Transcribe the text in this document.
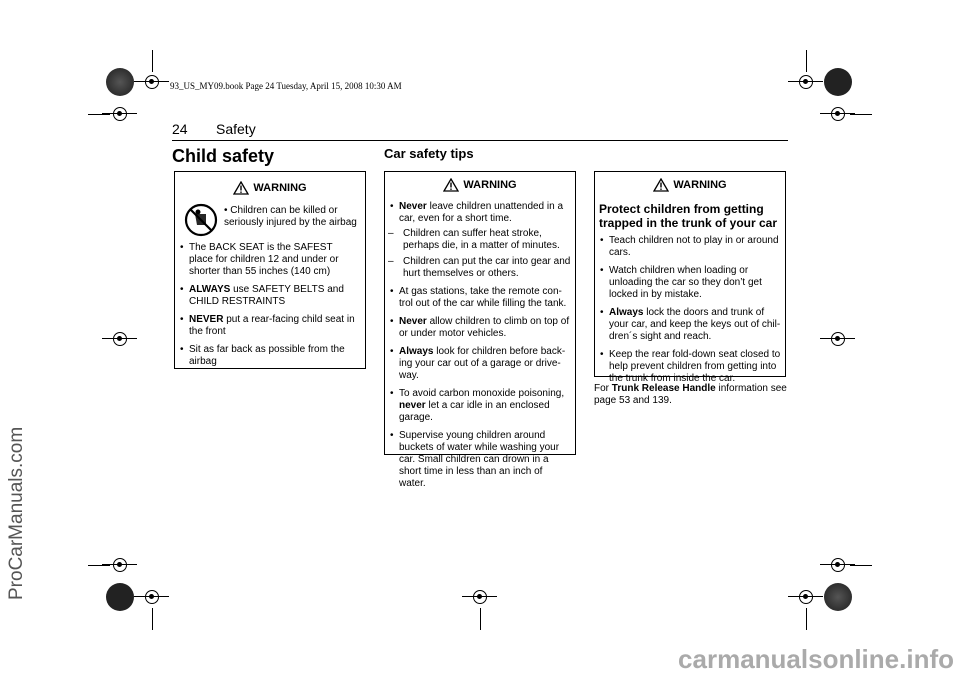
93_US_MY09.book Page 24 Tuesday, April 15, 2008 10:30 AM
24 Safety
Child safety
WARNING
• Children can be killed or seriously injured by the airbag
• The BACK SEAT is the SAFEST place for children 12 and under or shorter than 55 inches (140 cm)
• ALWAYS use SAFETY BELTS and CHILD RESTRAINTS
• NEVER put a rear-facing child seat in the front
• Sit as far back as possible from the airbag
Car safety tips
WARNING
• Never leave children unattended in a car, even for a short time.
– Children can suffer heat stroke, perhaps die, in a matter of minutes.
– Children can put the car into gear and hurt themselves or others.
• At gas stations, take the remote con-trol out of the car while filling the tank.
• Never allow children to climb on top of or under motor vehicles.
• Always look for children before back-ing your car out of a garage or drive-way.
• To avoid carbon monoxide poisoning, never let a car idle in an enclosed garage.
• Supervise young children around buckets of water while washing your car. Small children can drown in a short time in less than an inch of water.
WARNING
Protect children from getting trapped in the trunk of your car
• Teach children not to play in or around cars.
• Watch children when loading or unloading the car so they don’t get locked in by mistake.
• Always lock the doors and trunk of your car, and keep the keys out of chil-dren´s sight and reach.
• Keep the rear fold-down seat closed to help prevent children from getting into the trunk from inside the car.
For Trunk Release Handle information see page 53 and 139.
ProCarManuals.com
carmanualsonline.info
